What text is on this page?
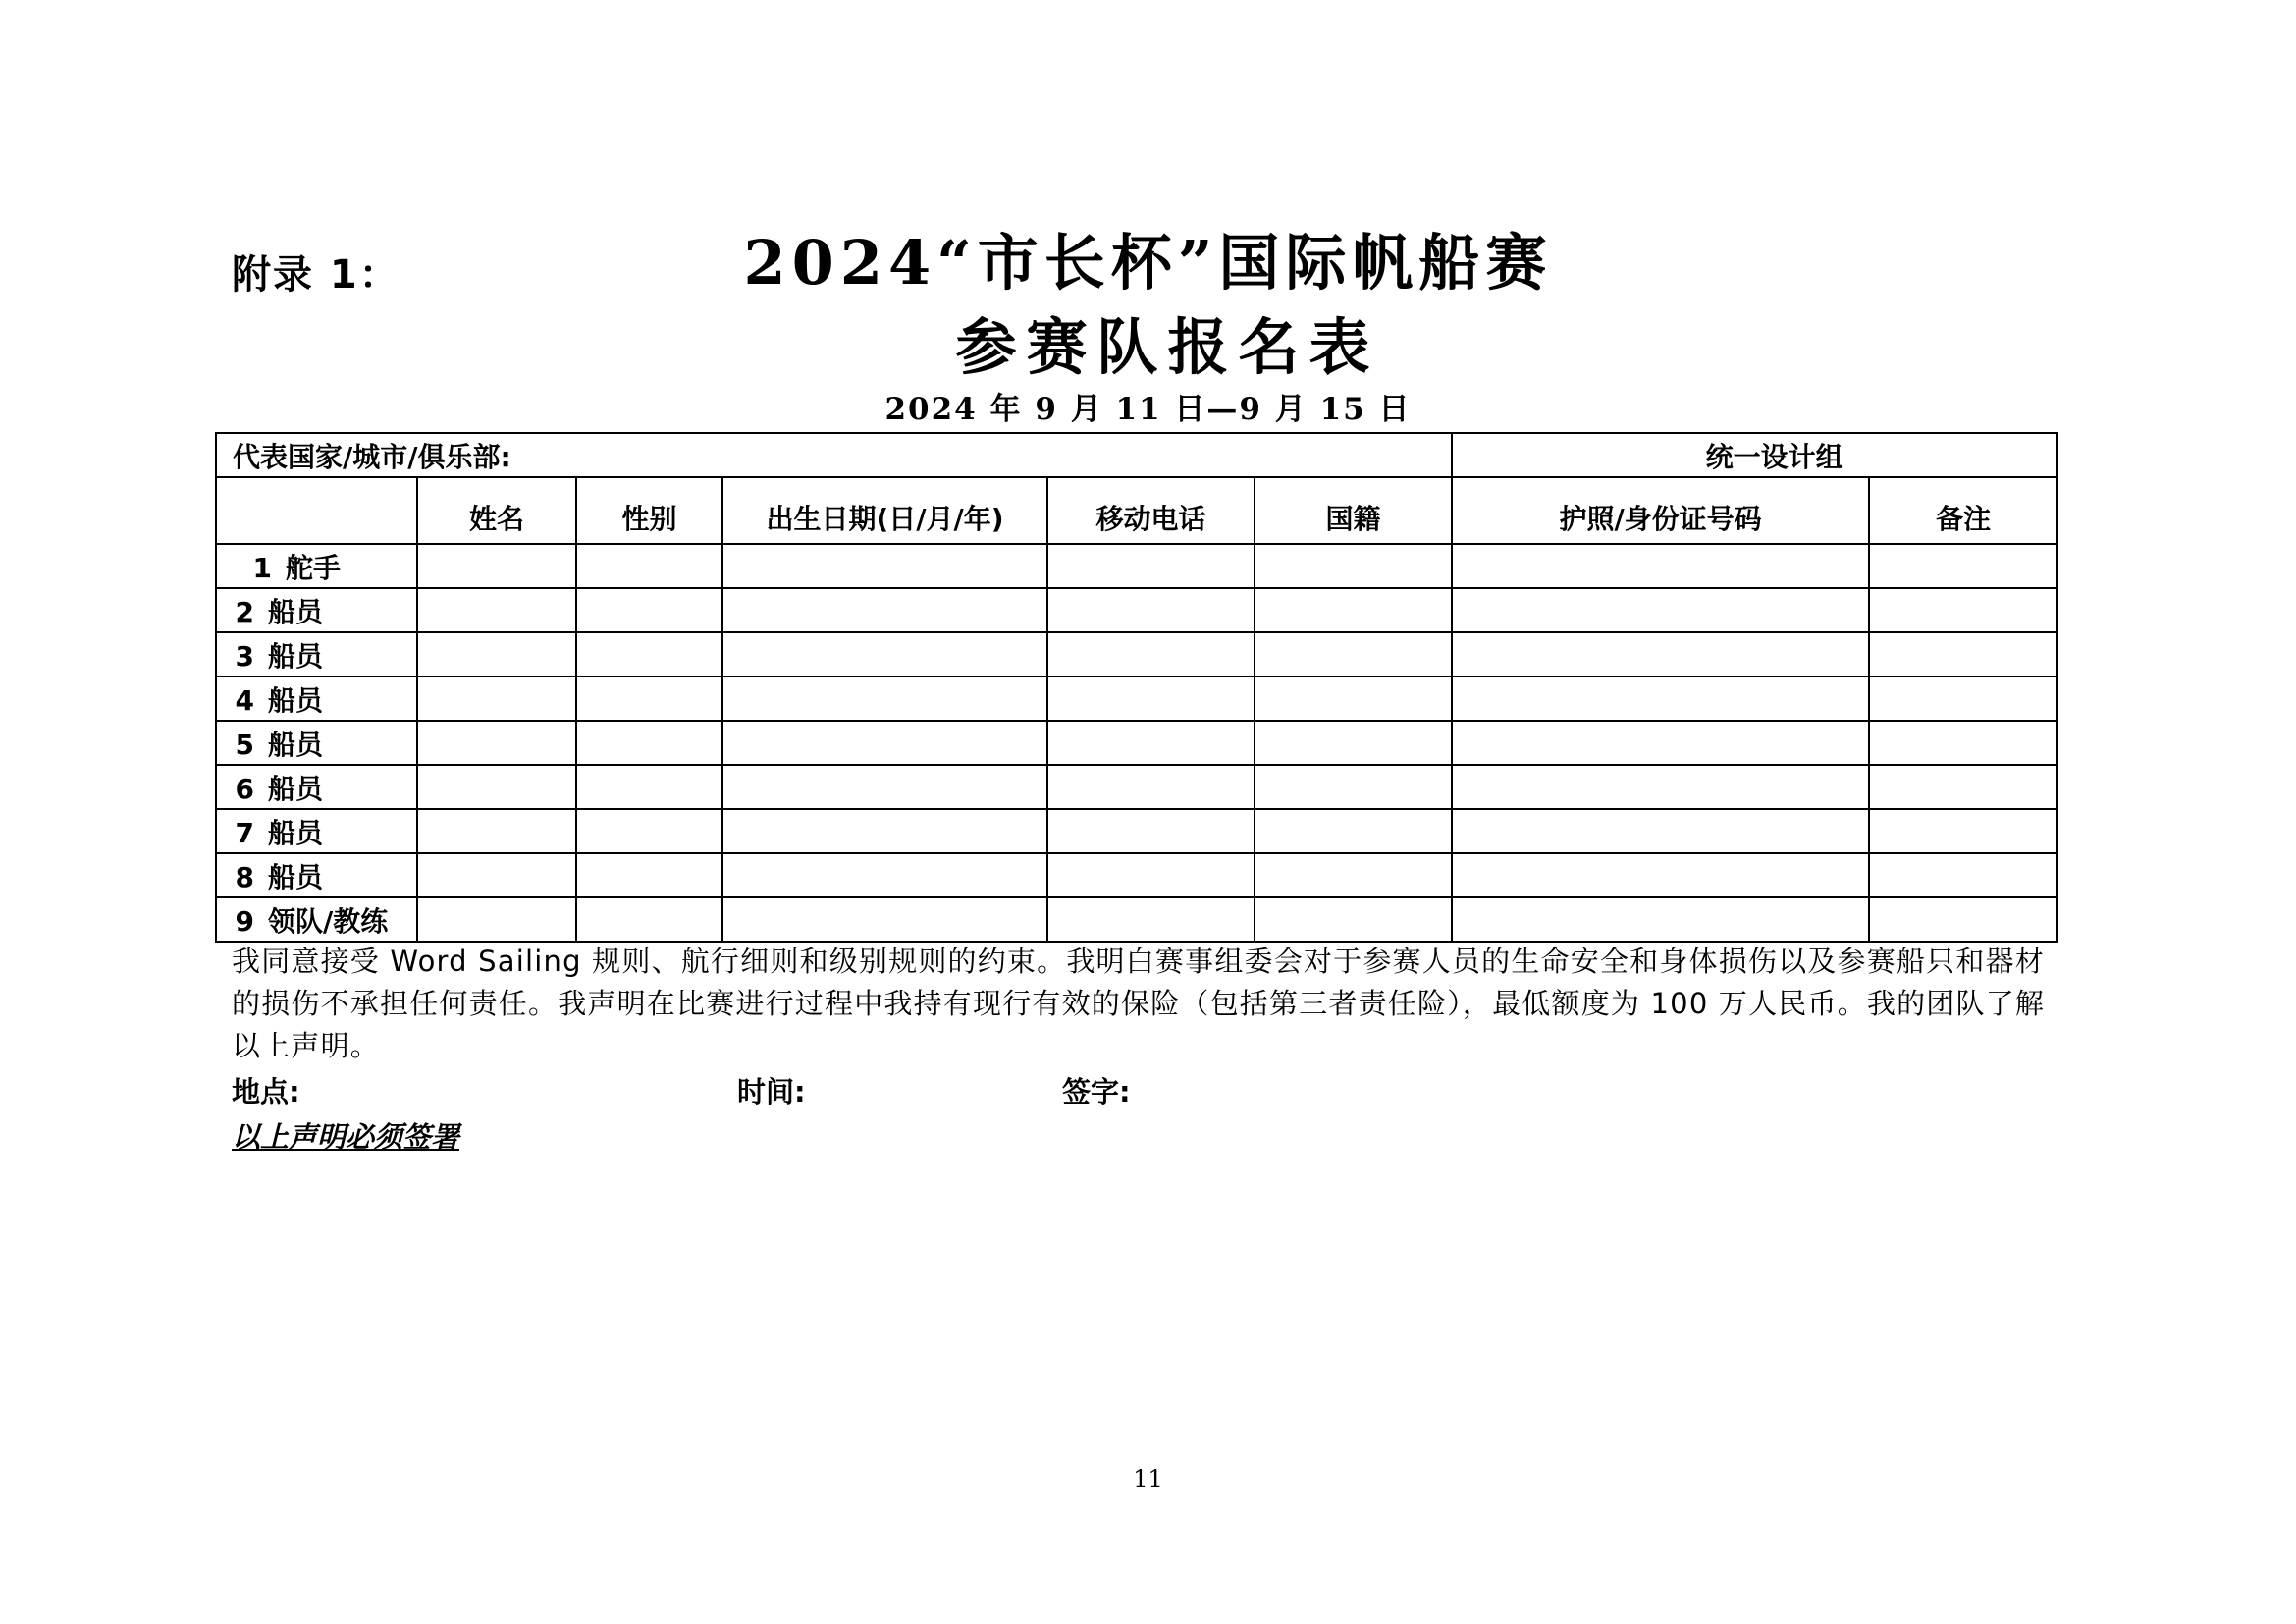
附录 1：	2024“市长杯”国际帆船赛
参赛队报名表
2024 年 9 月 11 日—9 月 15 日
代表国家/城市/俱乐部:						统一设计组	
	姓名	性别	出生日期(日/月/年)	移动电话	国籍	护照/身份证号码	备注
1 舵手							
2 船员							
3 船员							
4 船员							
5 船员							
6 船员							
7 船员							
8 船员							
9 领队/教练							
我同意接受 Word Sailing 规则、航行细则和级别规则的约束。我明白赛事组委会对于参赛人员的生命安全和身体损伤以及参赛船只和器材的损伤不承担任何责任。我声明在比赛进行过程中我持有现行有效的保险（包括第三者责任险），最低额度为 100 万人民币。我的团队了解以上声明。
地点:	时间:	签字:
以上声明必须签署
11
